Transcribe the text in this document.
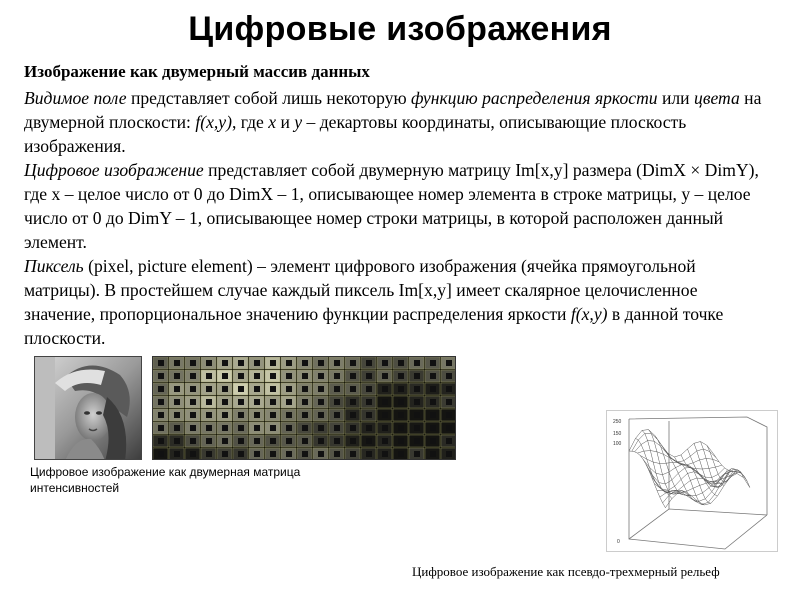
Цифровые изображения
Изображение как двумерный массив данных

Видимое поле представляет собой лишь некоторую функцию распределения яркости или цвета на двумерной плоскости: f(x,y), где x и y – декартовы координаты, описывающие плоскость изображения.

Цифровое изображение представляет собой двумерную матрицу Im[x,y] размера (DimX × DimY), где x – целое число от 0 до DimX – 1, описывающее номер элемента в строке матрицы, y – целое число от 0 до DimY – 1, описывающее номер строки матрицы, в которой расположен данный элемент.

Пиксель (pixel, picture element) – элемент цифрового изображения (ячейка прямоугольной матрицы). В простейшем случае каждый пиксель Im[x,y] имеет скалярное целочисленное значение, пропорциональное значению функции распределения яркости f(x,y) в данной точке плоскости.

250
150
100
0
Цифровое изображение как двумерная матрица интенсивностей
Цифровое изображение как псевдо-трехмерный рельеф
